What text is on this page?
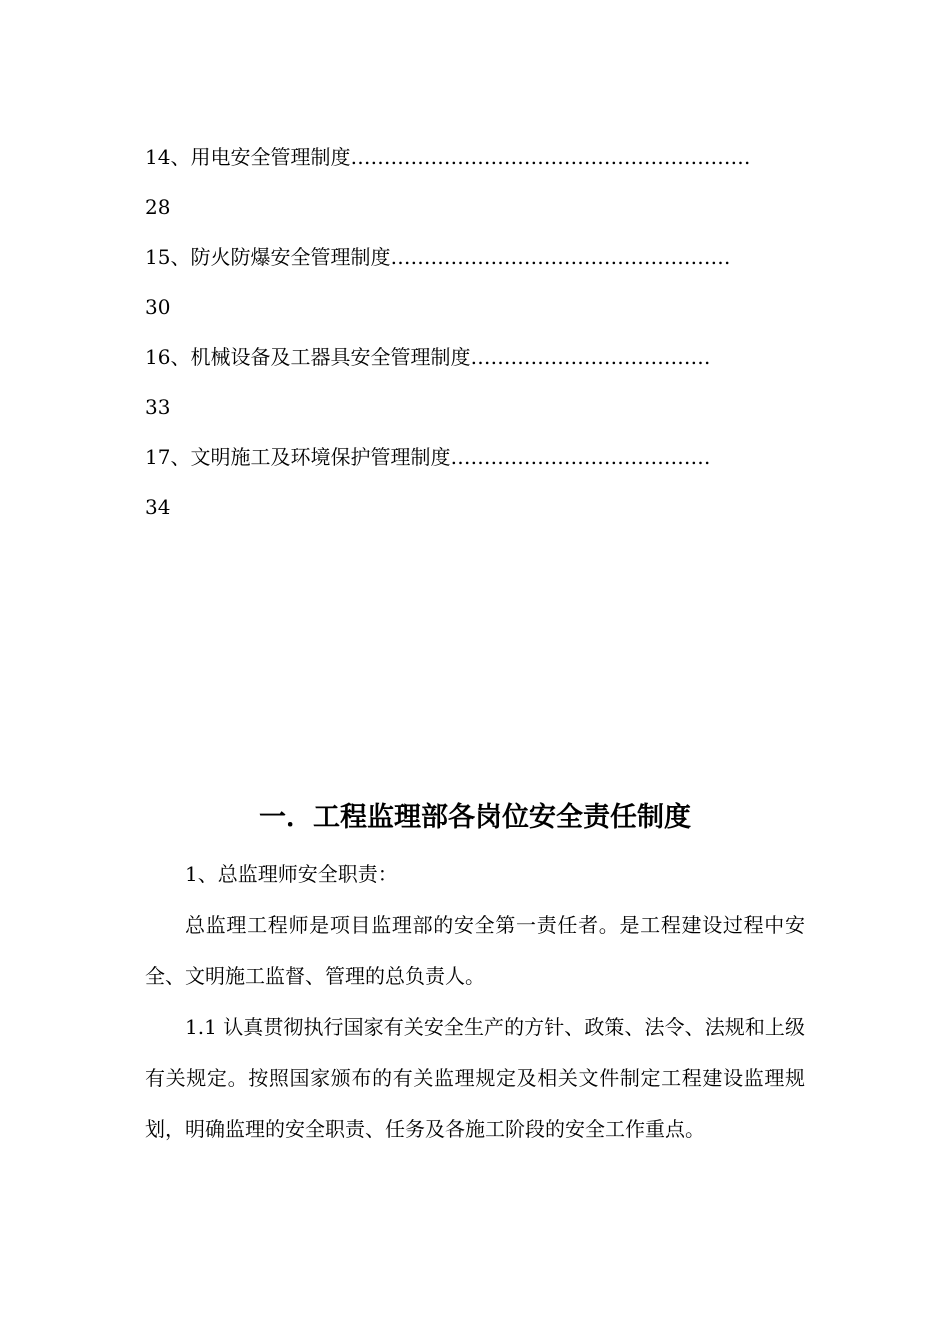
14、用电安全管理制度……………………………………………………
28
15、防火防爆安全管理制度……………………………………………
30
16、机械设备及工器具安全管理制度………………………………
33
17、文明施工及环境保护管理制度…………………………………
34
一．工程监理部各岗位安全责任制度

1、总监理师安全职责：

总监理工程师是项目监理部的安全第一责任者。是工程建设过程中安全、文明施工监督、管理的总负责人。

1.1 认真贯彻执行国家有关安全生产的方针、政策、法令、法规和上级有关规定。按照国家颁布的有关监理规定及相关文件制定工程建设监理规划，明确监理的安全职责、任务及各施工阶段的安全工作重点。
